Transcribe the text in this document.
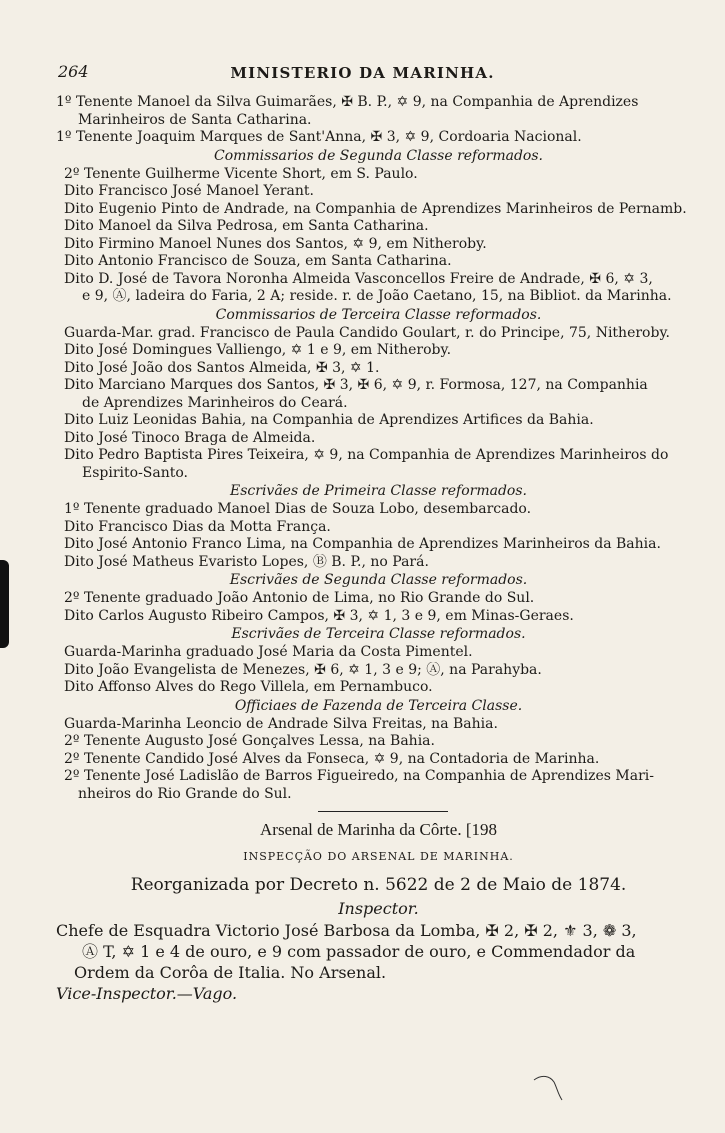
264	MINISTERIO DA MARINHA.
1º Tenente Manoel da Silva Guimarães, ✠ B. P., ✡ 9, na Companhia de Aprendizes
Marinheiros de Santa Catharina.
1º Tenente Joaquim Marques de Sant'Anna, ✠ 3, ✡ 9, Cordoaria Nacional.
Commissarios de Segunda Classe reformados.
2º Tenente Guilherme Vicente Short, em S. Paulo.
Dito Francisco José Manoel Yerant.
Dito Eugenio Pinto de Andrade, na Companhia de Aprendizes Marinheiros de Pernamb.
Dito Manoel da Silva Pedrosa, em Santa Catharina.
Dito Firmino Manoel Nunes dos Santos, ✡ 9, em Nitheroby.
Dito Antonio Francisco de Souza, em Santa Catharina.
Dito D. José de Tavora Noronha Almeida Vasconcellos Freire de Andrade, ✠ 6, ✡ 3,
e 9, Ⓐ, ladeira do Faria, 2 A; reside. r. de João Caetano, 15, na Bibliot. da Marinha.
Commissarios de Terceira Classe reformados.
Guarda-Mar. grad. Francisco de Paula Candido Goulart, r. do Principe, 75, Nitheroby.
Dito José Domingues Valliengo, ✡ 1 e 9, em Nitheroby.
Dito José João dos Santos Almeida, ✠ 3, ✡ 1.
Dito Marciano Marques dos Santos, ✠ 3, ✠ 6, ✡ 9, r. Formosa, 127, na Companhia
de Aprendizes Marinheiros do Ceará.
Dito Luiz Leonidas Bahia, na Companhia de Aprendizes Artifices da Bahia.
Dito José Tinoco Braga de Almeida.
Dito Pedro Baptista Pires Teixeira, ✡ 9, na Companhia de Aprendizes Marinheiros do
Espirito-Santo.
Escrivães de Primeira Classe reformados.
1º Tenente graduado Manoel Dias de Souza Lobo, desembarcado.
Dito Francisco Dias da Motta França.
Dito José Antonio Franco Lima, na Companhia de Aprendizes Marinheiros da Bahia.
Dito José Matheus Evaristo Lopes, Ⓑ B. P., no Pará.
Escrivães de Segunda Classe reformados.
2º Tenente graduado João Antonio de Lima, no Rio Grande do Sul.
Dito Carlos Augusto Ribeiro Campos, ✠ 3, ✡ 1, 3 e 9, em Minas-Geraes.
Escrivães de Terceira Classe reformados.
Guarda-Marinha graduado José Maria da Costa Pimentel.
Dito João Evangelista de Menezes, ✠ 6, ✡ 1, 3 e 9; Ⓐ, na Parahyba.
Dito Affonso Alves do Rego Villela, em Pernambuco.
Officiaes de Fazenda de Terceira Classe.
Guarda-Marinha Leoncio de Andrade Silva Freitas, na Bahia.
2º Tenente Augusto José Gonçalves Lessa, na Bahia.
2º Tenente Candido José Alves da Fonseca, ✡ 9, na Contadoria de Marinha.
2º Tenente José Ladislão de Barros Figueiredo, na Companhia de Aprendizes Mari-
nheiros do Rio Grande do Sul.
Arsenal de Marinha da Côrte. [198
INSPECÇÃO DO ARSENAL DE MARINHA.
Reorganizada por Decreto n. 5622 de 2 de Maio de 1874.
Inspector.
Chefe de Esquadra Victorio José Barbosa da Lomba, ✠ 2, ✠ 2, ⚜ 3, ❁ 3,
Ⓐ T, ✡ 1 e 4 de ouro, e 9 com passador de ouro, e Commendador da
Ordem da Corôa de Italia. No Arsenal.
Vice-Inspector.—Vago.
